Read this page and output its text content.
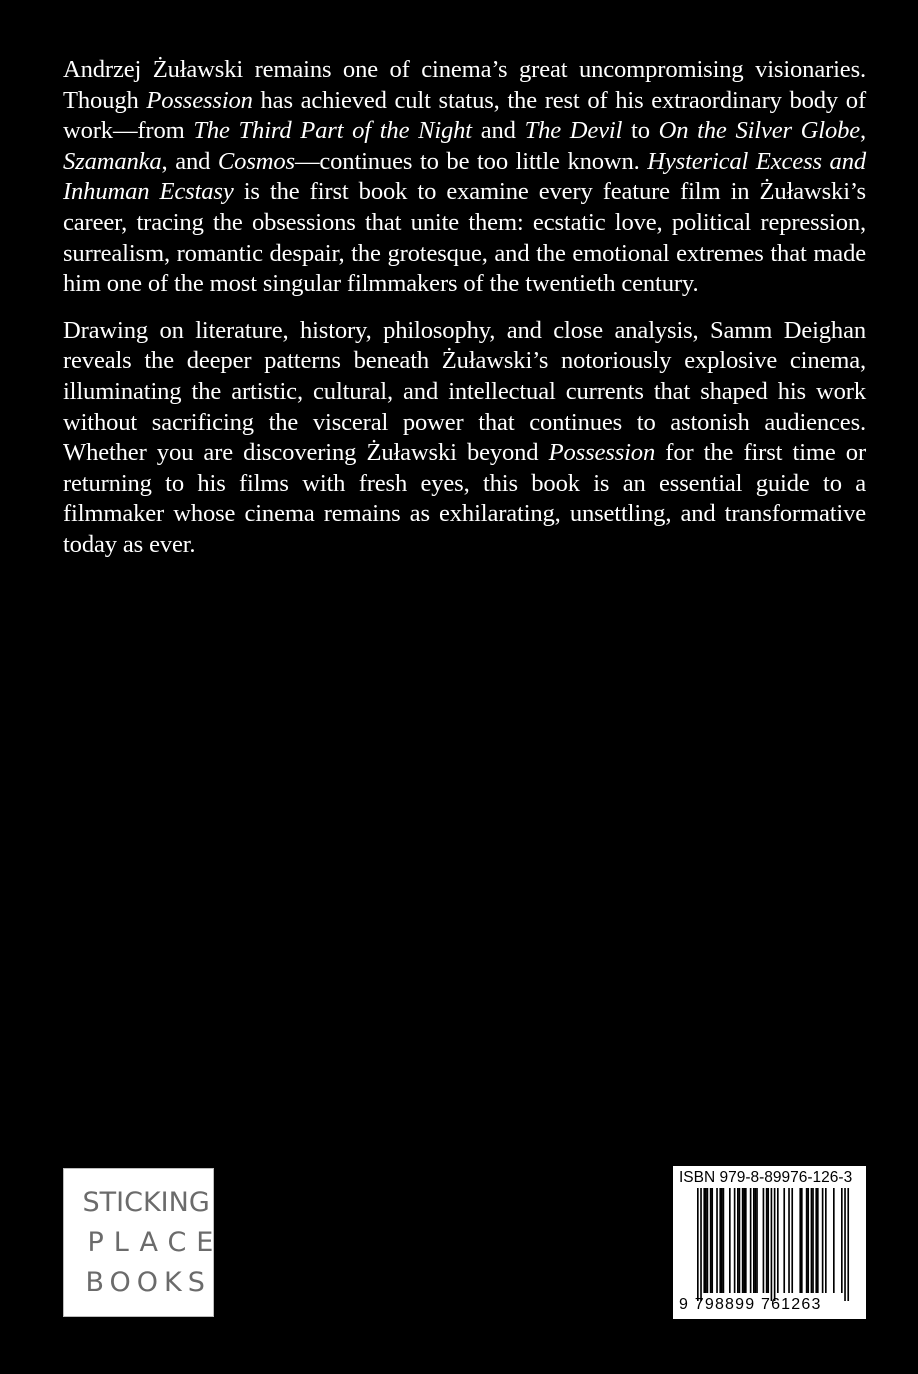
Andrzej Żuławski remains one of cinema’s great uncompromising visionaries. Though Possession has achieved cult status, the rest of his extraordinary body of work—from The Third Part of the Night and The Devil to On the Silver Globe, Szamanka, and Cosmos—continues to be too little known. Hysterical Excess and Inhuman Ecstasy is the first book to examine every feature film in Żuławski’s career, tracing the obsessions that unite them: ecstatic love, political repression, surrealism, romantic despair, the grotesque, and the emotional extremes that made him one of the most singular filmmakers of the twentieth century.

Drawing on literature, history, philosophy, and close analysis, Samm Deighan reveals the deeper patterns beneath Żuławski’s notoriously explosive cinema, illuminating the artistic, cultural, and intellectual currents that shaped his work without sacrificing the visceral power that continues to astonish audiences. Whether you are discovering Żuławski beyond Possession for the first time or returning to his films with fresh eyes, this book is an essential guide to a filmmaker whose cinema remains as exhilarating, unsettling, and transformative today as ever.

STICKING
PLACE
BOOKS
ISBN 979-8-89976-126-3
9 798899 761263
